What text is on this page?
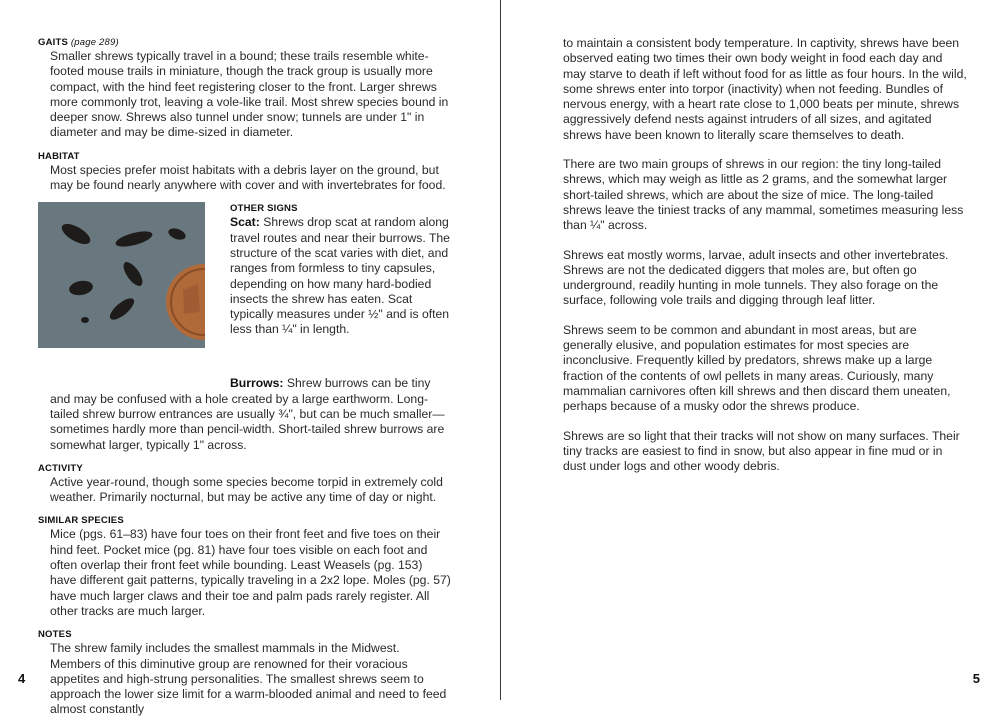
GAITS (page 289)

Smaller shrews typically travel in a bound; these trails resemble white-footed mouse trails in miniature, though the track group is usually more compact, with the hind feet registering closer to the front. Larger shrews more commonly trot, leaving a vole-like trail. Most shrew species bound in deeper snow. Shrews also tunnel under snow; tunnels are under 1" in diameter and may be dime-sized in diameter.

HABITAT

Most species prefer moist habitats with a debris layer on the ground, but may be found nearly anywhere with cover and with invertebrates for food.

OTHER SIGNS
Scat: Shrews drop scat at random along travel routes and near their burrows. The structure of the scat varies with diet, and ranges from formless to tiny capsules, depending on how many hard-bodied insects the shrew has eaten. Scat typically measures under ½" and is often less than ¼" in length.

Burrows: Shrew burrows can be tiny and may be confused with a hole created by a large earthworm. Long-tailed shrew burrow entrances are usually ¾", but can be much smaller—sometimes hardly more than pencil-width. Short-tailed shrew burrows are somewhat larger, typically 1" across.

ACTIVITY

Active year-round, though some species become torpid in extremely cold weather. Primarily nocturnal, but may be active any time of day or night.

SIMILAR SPECIES

Mice (pgs. 61–83) have four toes on their front feet and five toes on their hind feet. Pocket mice (pg. 81) have four toes visible on each foot and often overlap their front feet while bounding. Least Weasels (pg. 153) have different gait patterns, typically traveling in a 2x2 lope. Moles (pg. 57) have much larger claws and their toe and palm pads rarely register. All other tracks are much larger.

NOTES

The shrew family includes the smallest mammals in the Midwest. Members of this diminutive group are renowned for their voracious appetites and high-strung personalities. The smallest shrews seem to approach the lower size limit for a warm-blooded animal and need to feed almost constantly

4

to maintain a consistent body temperature. In captivity, shrews have been observed eating two times their own body weight in food each day and may starve to death if left without food for as little as four hours. In the wild, some shrews enter into torpor (inactivity) when not feeding. Bundles of nervous energy, with a heart rate close to 1,000 beats per minute, shrews aggressively defend nests against intruders of all sizes, and agitated shrews have been known to literally scare themselves to death.

There are two main groups of shrews in our region: the tiny long-tailed shrews, which may weigh as little as 2 grams, and the somewhat larger short-tailed shrews, which are about the size of mice. The long-tailed shrews leave the tiniest tracks of any mammal, sometimes measuring less than ¼" across.

Shrews eat mostly worms, larvae, adult insects and other invertebrates. Shrews are not the dedicated diggers that moles are, but often go underground, readily hunting in mole tunnels. They also forage on the surface, following vole trails and digging through leaf litter.

Shrews seem to be common and abundant in most areas, but are generally elusive, and population estimates for most species are inconclusive. Frequently killed by predators, shrews make up a large fraction of the contents of owl pellets in many areas. Curiously, many mammalian carnivores often kill shrews and then discard them uneaten, perhaps because of a musky odor the shrews produce.

Shrews are so light that their tracks will not show on many surfaces. Their tiny tracks are easiest to find in snow, but also appear in fine mud or in dust under logs and other woody debris.

5
